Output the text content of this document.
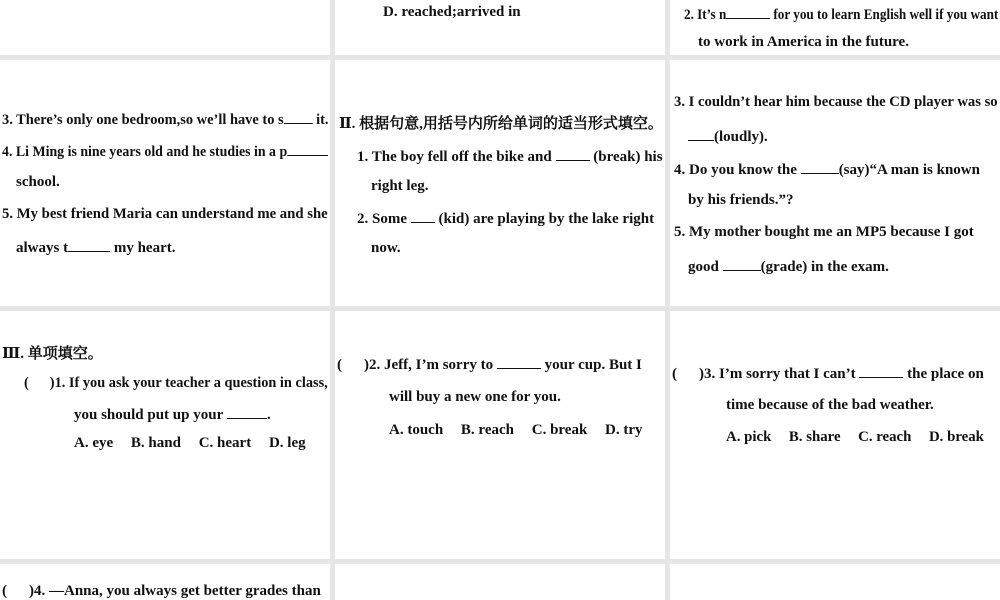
D. reached;arrived in	2. It’s n	for you to learn English well if you want
to work in America in the future.
3. There’s only one bedroom,so we’ll have to s it.
4. Li Ming is nine years old and he studies in a p
school.
5. My best friend Maria can understand me and she
always t	my heart.
Ⅱ. 根据句意,用括号内所给单词的适当形式填空。
1. The boy fell off the bike and	(break) his
right leg.
2. Some (kid) are playing by the lake right
now.
3. I couldn’t hear him because the CD player was so
(loudly).
4. Do you know the	(say)“A man is known
by his friends.”?
5. My mother bought me an MP5 because I got
good	(grade) in the exam.
Ⅲ. 单项填空。
( )1. If you ask your teacher a question in class,
you should put up your	.
A. eye B. hand C. heart D. leg
( )2. Jeff, I’m sorry to	your cup. But I
will buy a new one for you.
A. touch B. reach C. break D. try
( )3. I’m sorry that I can’t	the place on
time because of the bad weather.
A. pick B. share C. reach D. break
( )4. —Anna, you always get better grades than
